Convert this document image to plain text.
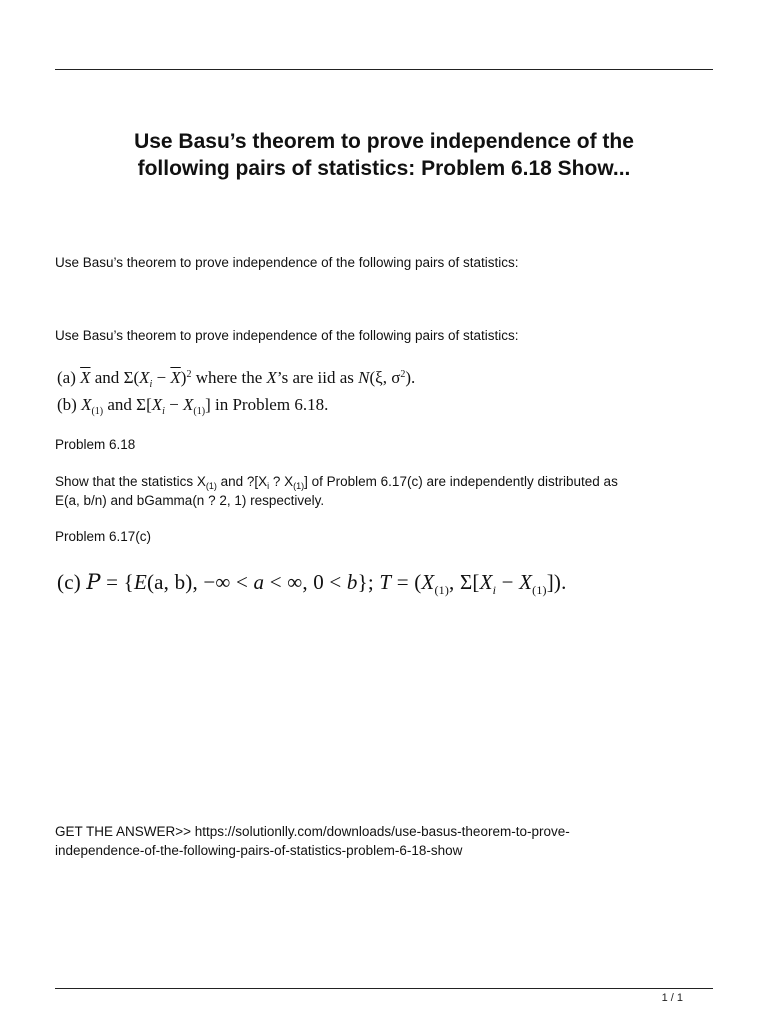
Use Basu’s theorem to prove independence of the
following pairs of statistics: Problem 6.18 Show...

Use Basu’s theorem to prove independence of the following pairs of statistics:

Use Basu’s theorem to prove independence of the following pairs of statistics:

(a) $\overline{X}$ and $\Sigma(X_i - \overline{X})^2$ where the X’s are iid as N(ξ, $\sigma^2$).
(b) $X_{(1)}$ and $\Sigma[X_i - X_{(1)}]$ in Problem 6.18.

Problem 6.18

Show that the statistics $X_{(1)}$ and $?[X_i$ ? $X_{(1)}$] of Problem 6.17(c) are independently distributed as
E(a, b/n) and bGamma(n ? 2, 1) respectively.

Problem 6.17(c)

(c) P = {E(a, b), −∞ < a < ∞, 0 < b}; $T = (X_{(1)}$, $\Sigma[X_i - X_{(1)}]$).

GET THE ANSWER>> https://solutionlly.com/downloads/use-basus-theorem-to-prove-
independence-of-the-following-pairs-of-statistics-problem-6-18-show

1 / 1
